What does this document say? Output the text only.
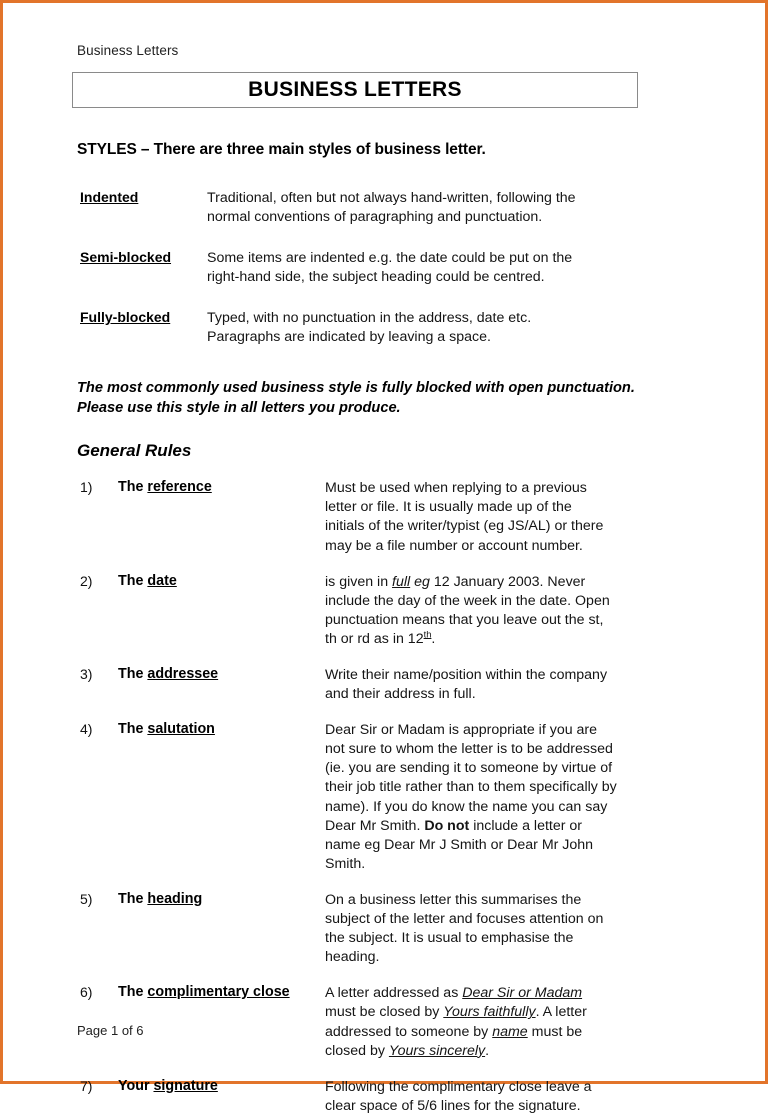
Business Letters
BUSINESS LETTERS
STYLES – There are three main styles of business letter.
Indented	Traditional, often but not always hand-written, following the
normal conventions of paragraphing and punctuation.
Semi-blocked	Some items are indented e.g. the date could be put on the
right-hand side, the subject heading could be centred.
Fully-blocked	Typed, with no punctuation in the address, date etc.
Paragraphs are indicated by leaving a space.
The most commonly used business style is fully blocked with open punctuation.
Please use this style in all letters you produce.
General Rules
1)	The reference	Must be used when replying to a previous
letter or file. It is usually made up of the
initials of the writer/typist (eg JS/AL) or there
may be a file number or account number.
2)	The date	is given in full eg 12 January 2003. Never
include the day of the week in the date. Open
punctuation means that you leave out the st,
th or rd as in 12th.
3)	The addressee	Write their name/position within the company
and their address in full.
4)	The salutation	Dear Sir or Madam is appropriate if you are
not sure to whom the letter is to be addressed
(ie. you are sending it to someone by virtue of
their job title rather than to them specifically by
name). If you do know the name you can say
Dear Mr Smith. Do not include a letter or
name eg Dear Mr J Smith or Dear Mr John
Smith.
5)	The heading	On a business letter this summarises the
subject of the letter and focuses attention on
the subject. It is usual to emphasise the
heading.
6)	The complimentary close	A letter addressed as Dear Sir or Madam
must be closed by Yours faithfully. A letter
addressed to someone by name must be
closed by Yours sincerely.
7)	Your signature	Following the complimentary close leave a
clear space of 5/6 lines for the signature.
Page 1 of 6
